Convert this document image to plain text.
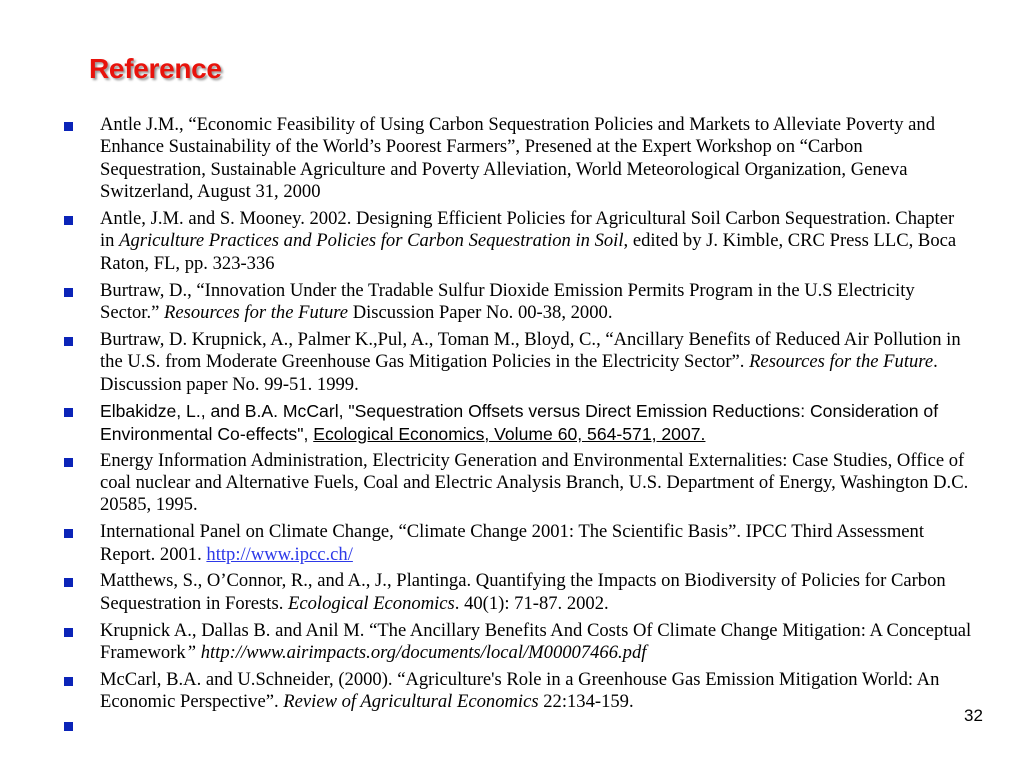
Reference
Antle J.M., “Economic Feasibility of Using Carbon Sequestration Policies and Markets to Alleviate Poverty and Enhance Sustainability of the World’s Poorest Farmers”, Presened at the Expert Workshop on “Carbon Sequestration, Sustainable Agriculture and Poverty Alleviation, World Meteorological Organization, Geneva Switzerland, August 31, 2000
Antle, J.M. and S. Mooney. 2002. Designing Efficient Policies for Agricultural Soil Carbon Sequestration. Chapter in Agriculture Practices and Policies for Carbon Sequestration in Soil, edited by J. Kimble, CRC Press LLC, Boca Raton, FL, pp. 323-336
Burtraw, D., “Innovation Under the Tradable Sulfur Dioxide Emission Permits Program in the U.S Electricity Sector.” Resources for the Future Discussion Paper No. 00-38, 2000.
Burtraw, D. Krupnick, A., Palmer K.,Pul, A., Toman M., Bloyd, C., “Ancillary Benefits of Reduced Air Pollution in the U.S. from Moderate Greenhouse Gas Mitigation Policies in the Electricity Sector”. Resources for the Future. Discussion paper No. 99-51. 1999.
Elbakidze, L., and B.A. McCarl, "Sequestration Offsets versus Direct Emission Reductions: Consideration of Environmental Co-effects", Ecological Economics, Volume 60, 564-571, 2007.
Energy Information Administration, Electricity Generation and Environmental Externalities: Case Studies, Office of coal nuclear and Alternative Fuels, Coal and Electric Analysis Branch, U.S. Department of Energy, Washington D.C. 20585, 1995.
International Panel on Climate Change, “Climate Change 2001: The Scientific Basis”. IPCC Third Assessment Report. 2001. http://www.ipcc.ch/
Matthews, S., O’Connor, R., and A., J., Plantinga. Quantifying the Impacts on Biodiversity of Policies for Carbon Sequestration in Forests. Ecological Economics. 40(1): 71-87. 2002.
Krupnick A., Dallas B. and Anil M. “The Ancillary Benefits And Costs Of Climate Change Mitigation: A Conceptual Framework” http://www.airimpacts.org/documents/local/M00007466.pdf
McCarl, B.A. and U.Schneider, (2000). “Agriculture's Role in a Greenhouse Gas Emission Mitigation World: An Economic Perspective”. Review of Agricultural Economics 22:134-159.
32
